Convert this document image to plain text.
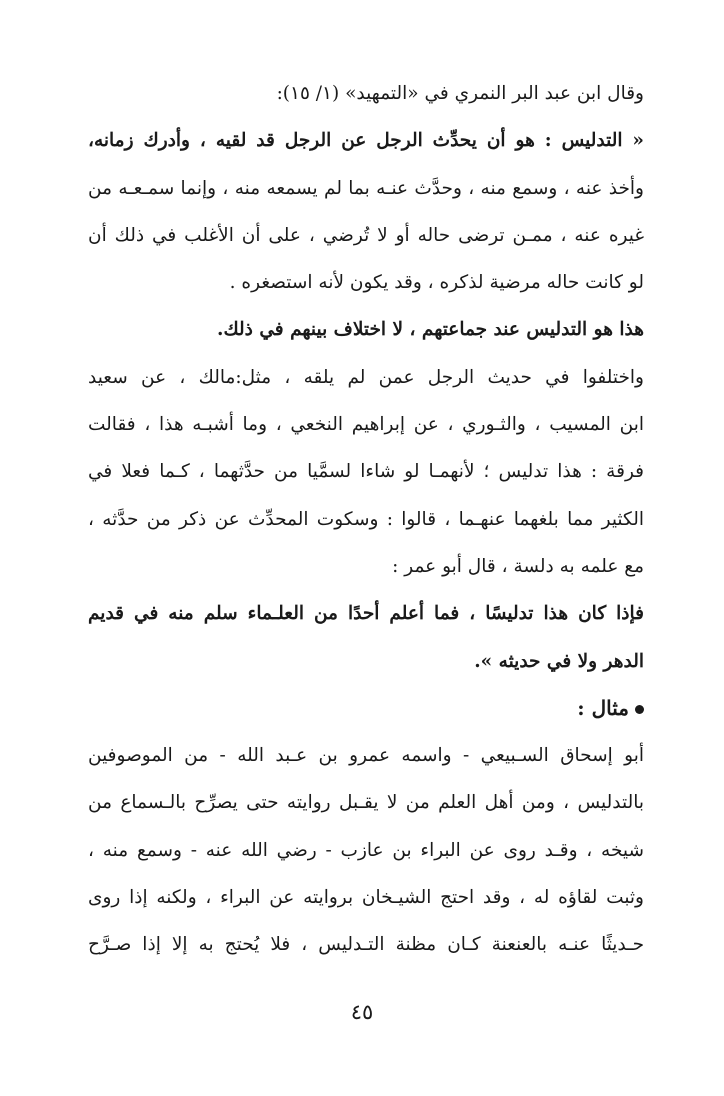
وقال ابن عبد البر النمري في «التمهيد» (١/ ١٥):
« التدليس : هو أن يحدِّث الرجل عن الرجل قد لقيه ، وأدرك زمانه،
وأخذ عنه ، وسمع منه ، وحدَّث عنـه بما لم يسمعه منه ، وإنما سمـعـه من
غيره عنه ، ممـن ترضى حاله أو لا تُرضي ، على أن الأغلب في ذلك أن
لو كانت حاله مرضية لذكره ، وقد يكون لأنه استصغره .
هذا هو التدليس عند جماعتهم ، لا اختلاف بينهم في ذلك.
واختلفوا في حديث الرجل عمن لم يلقه ، مثل:مالك ، عن سعيد
ابن المسيب ، والثـوري ، عن إبراهيم النخعي ، وما أشبـه هذا ، فقالت
فرقة : هذا تدليس ؛ لأنهمـا لو شاءا لسمَّيا من حدَّثهما ، كـما فعلا في
الكثير مما بلغهما عنهـما ، قالوا : وسكوت المحدِّث عن ذكر من حدَّثه ،
مع علمه به دلسة ، قال أبو عمر :
فإذا كان هذا تدليسًا ، فما أعلم أحدًا من العلـماء سلم منه في قديم
الدهر ولا في حديثه ».
مثال :
أبو إسحاق السـبيعي - واسمه عمرو بن عـبد الله - من الموصوفين
بالتدليس ، ومن أهل العلم من لا يقـبل روايته حتى يصرِّح بالـسماع من
شيخه ، وقـد روى عن البراء بن عازب - رضي الله عنه - وسمع منه ،
وثبت لقاؤه له ، وقد احتج الشيـخان بروايته عن البراء ، ولكنه إذا روى
حـديثًا عنـه بالعنعنة كـان مظنة التـدليس ، فلا يُحتج به إلا إذا صـرَّح
٤٥
